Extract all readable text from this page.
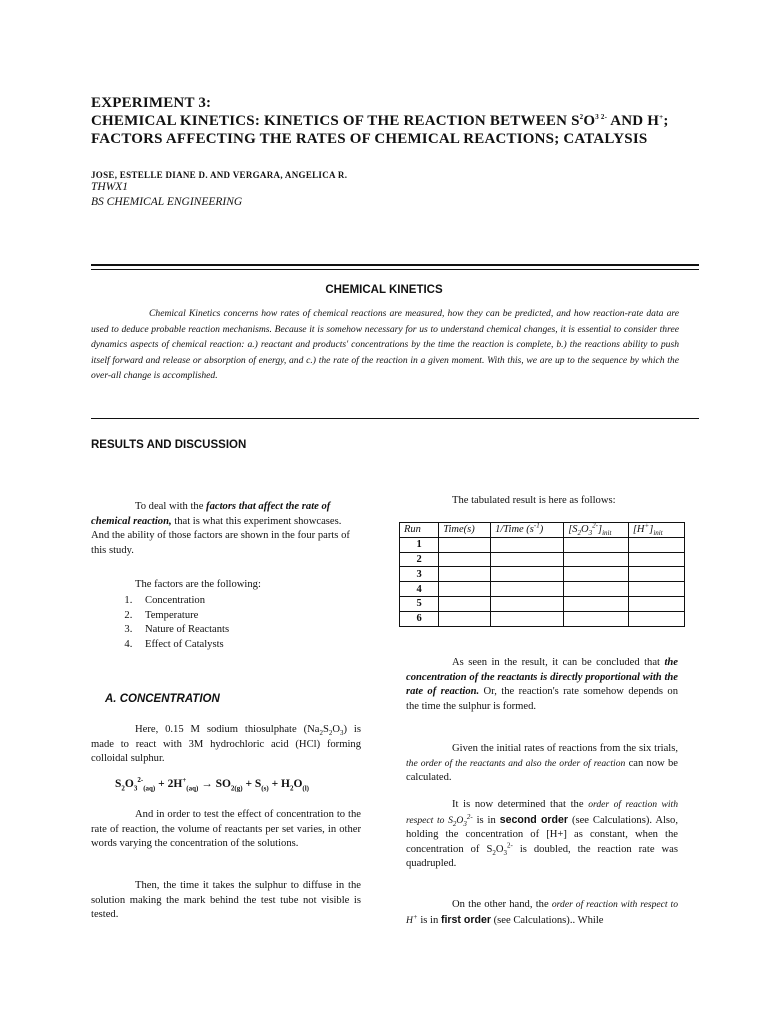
EXPERIMENT 3:
CHEMICAL KINETICS: KINETICS OF THE REACTION BETWEEN $S^2O^{3 2-}$ AND H+;
FACTORS AFFECTING THE RATES OF CHEMICAL REACTIONS; CATALYSIS
JOSE, ESTELLE DIANE D. AND VERGARA, ANGELICA R.
THWX1
BS CHEMICAL ENGINEERING
CHEMICAL KINETICS
Chemical Kinetics concerns how rates of chemical reactions are measured, how they can be predicted, and how reaction-rate data are used to deduce probable reaction mechanisms. Because it is somehow necessary for us to understand chemical changes, it is essential to consider three dynamics aspects of chemical reaction: a.) reactant and products' concentrations by the time the reaction is complete, b.) the reactions ability to push itself forward and release or absorption of energy, and c.) the rate of the reaction in a given moment. With this, we are up to the sequence by which the over-all change is accomplished.
RESULTS AND DISCUSSION
To deal with the factors that affect the rate of chemical reaction, that is what this experiment showcases. And the ability of those factors are shown in the four parts of this study.
The factors are the following:
1. Concentration
2. Temperature
3. Nature of Reactants
4. Effect of Catalysts
A. CONCENTRATION
Here, 0.15 M sodium thiosulphate $(Na_2S_2O_3)$ is made to react with 3M hydrochloric acid (HCl) forming colloidal sulphur.
$S_2O_3^{2-}_{(aq)} + 2H^+_{(aq)} \to SO_{2(g)} + S_{(s)} + H_2O_{(l)}$
And in order to test the effect of concentration to the rate of reaction, the volume of reactants per set varies, in other words varying the concentration of the solutions.
Then, the time it takes the sulphur to diffuse in the solution making the mark behind the test tube not visible is tested.
The tabulated result is here as follows:
Run	Time(s)	1/Time $(s^{-1})$	$[S_2O_3^{2-}]_{init}$	$[H^+]_{init}$
1				
2				
3				
4				
5				
6				
As seen in the result, it can be concluded that the concentration of the reactants is directly proportional with the rate of reaction. Or, the reaction's rate somehow depends on the time the sulphur is formed.
Given the initial rates of reactions from the six trials, the order of the reactants and also the order of reaction can now be calculated.
It is now determined that the order of reaction with respect to $S_2O_3^{2-}$ is in second order (see Calculations). Also, holding the concentration of [H+] as constant, when the concentration of $S_2O_3^{2-}$ is doubled, the reaction rate was quadrupled.
On the other hand, the order of reaction with respect to H+ is in first order (see Calculations).. While
